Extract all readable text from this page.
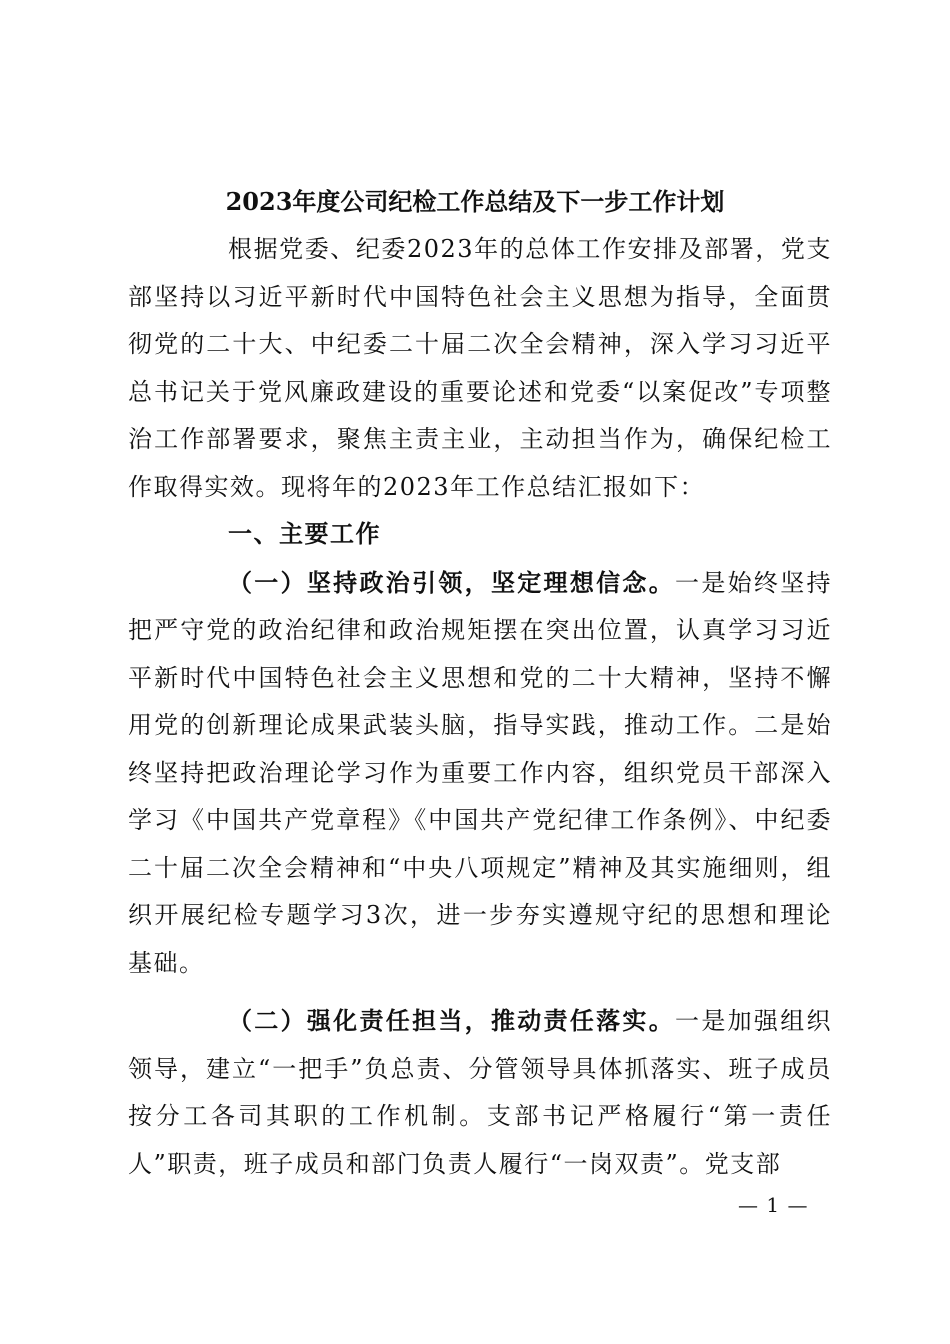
2023年度公司纪检工作总结及下一步工作计划

根据党委、纪委2023年的总体工作安排及部署，党支部坚持以习近平新时代中国特色社会主义思想为指导，全面贯彻党的二十大、中纪委二十届二次全会精神，深入学习习近平总书记关于党风廉政建设的重要论述和党委“以案促改”专项整治工作部署要求，聚焦主责主业，主动担当作为，确保纪检工作取得实效。现将年的2023年工作总结汇报如下：

一、主要工作

（一）坚持政治引领，坚定理想信念。一是始终坚持把严守党的政治纪律和政治规矩摆在突出位置，认真学习习近平新时代中国特色社会主义思想和党的二十大精神，坚持不懈用党的创新理论成果武装头脑，指导实践，推动工作。二是始终坚持把政治理论学习作为重要工作内容，组织党员干部深入学习《中国共产党章程》《中国共产党纪律工作条例》、中纪委二十届二次全会精神和“中央八项规定”精神及其实施细则，组织开展纪检专题学习3次，进一步夯实遵规守纪的思想和理论基础。

（二）强化责任担当，推动责任落实。一是加强组织领导，建立“一把手”负总责、分管领导具体抓落实、班子成员按分工各司其职的工作机制。支部书记严格履行“第一责任人”职责，班子成员和部门负责人履行“一岗双责”。党支部

— 1 —
